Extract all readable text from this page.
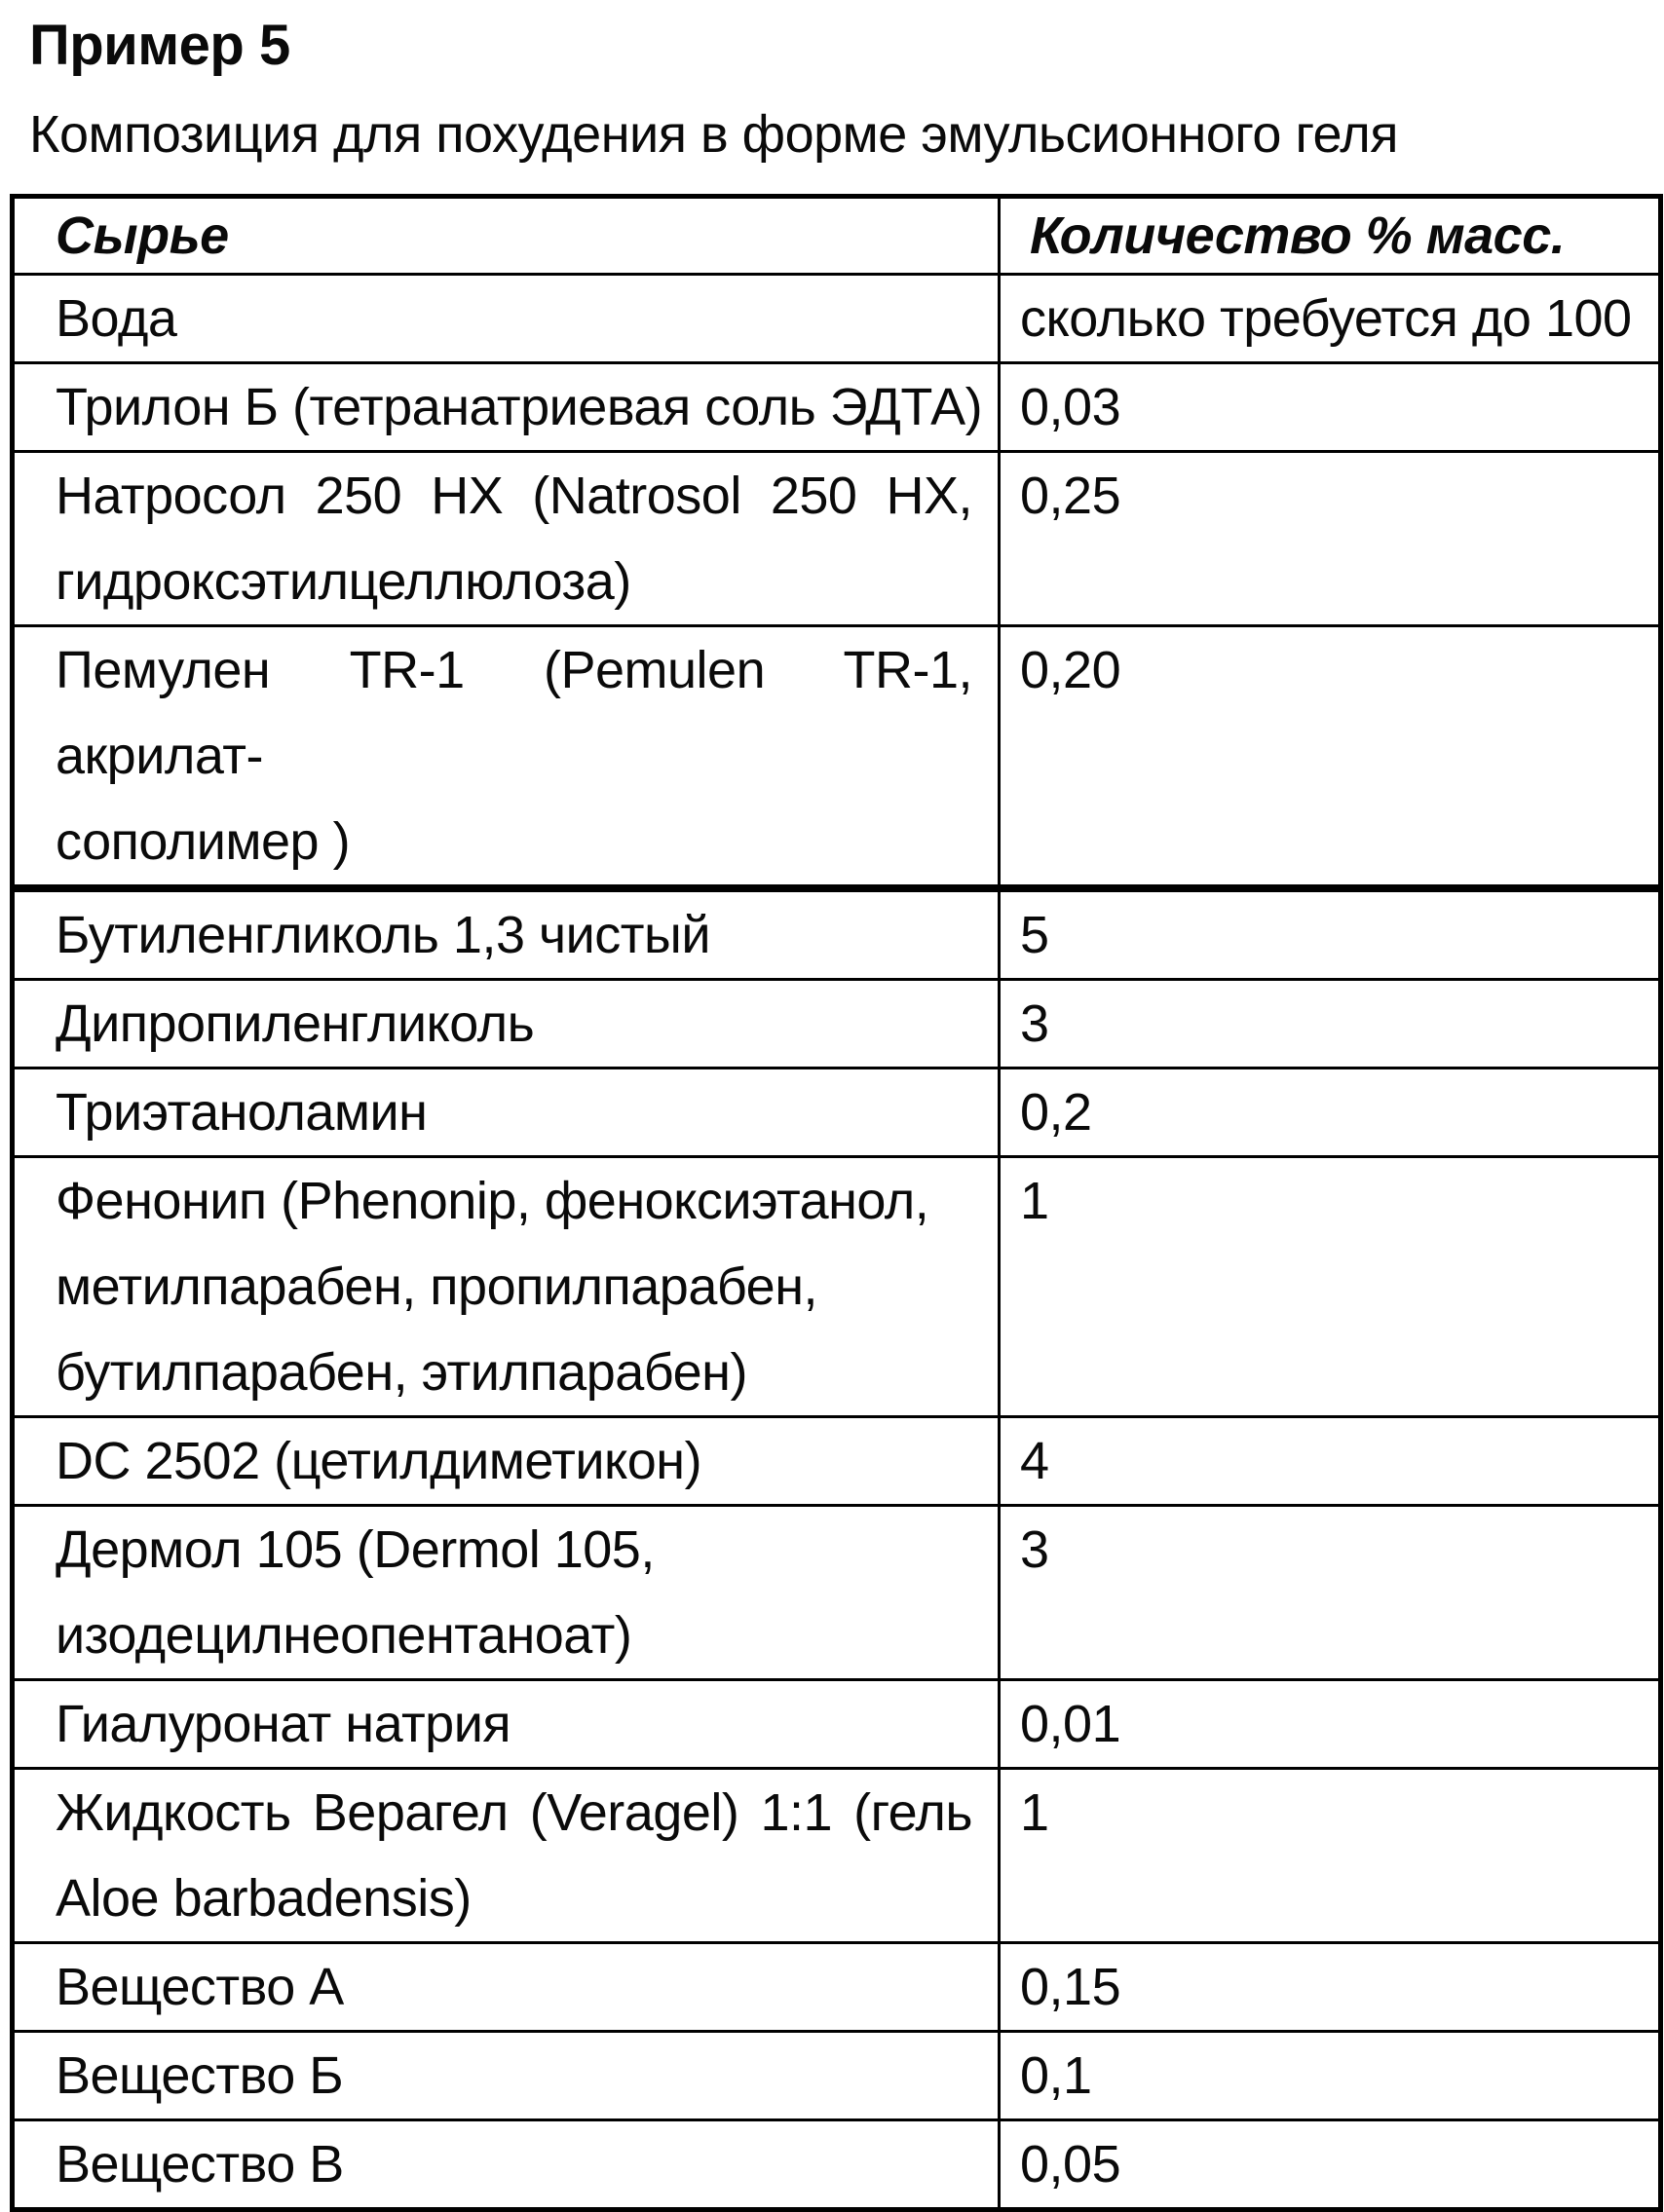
Пример 5

Композиция для похудения в форме эмульсионного геля

Сырье	Количество % масс.

Вода	сколько требуется до 100

Трилон Б (тетранатриевая соль ЭДТА)	0,03

Натросол 250 HX (Natrosol 250 HX,
гидроксэтилцеллюлоза)	0,25

Пемулен TR-1 (Pemulen TR-1, акрилат-
сополимер )	0,20

Бутиленгликоль 1,3 чистый	5

Дипропиленгликоль	3

Триэтаноламин	0,2

Фенонип (Phenonip, феноксиэтанол,
метилпарабен, пропилпарабен,
бутилпарабен, этилпарабен)	1

DC 2502 (цетилдиметикон)	4

Дермол 105 (Dermol 105,
изодецилнеопентаноат)	3

Гиалуронат натрия	0,01

Жидкость Верагел (Veragel) 1:1 (гель
Aloe barbadensis)	1

Вещество А	0,15

Вещество Б	0,1

Вещество В	0,05
